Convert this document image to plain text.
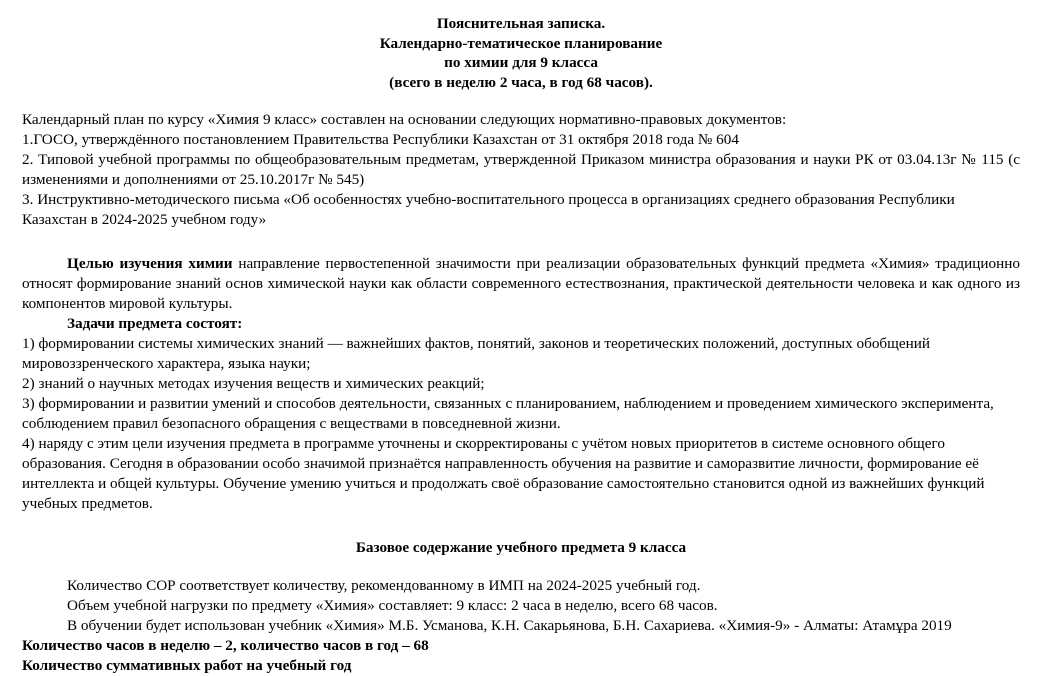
Пояснительная записка.
Календарно-тематическое планирование
по химии для 9 класса
(всего в неделю 2 часа, в год 68 часов).

Календарный план по курсу «Химия 9 класс» составлен на основании следующих нормативно-правовых документов:

1.ГОСО, утверждённого постановлением Правительства Республики Казахстан от 31 октября 2018 года № 604

2. Типовой учебной программы по общеобразовательным предметам, утвержденной Приказом министра образования и науки РК от 03.04.13г № 115 (с изменениями и дополнениями от 25.10.2017г № 545)

3. Инструктивно-методического письма «Об особенностях учебно-воспитательного процесса в организациях среднего образования Республики Казахстан в 2024-2025 учебном году»

Целью изучения химии направление первостепенной значимости при реализации образовательных функций предмета «Химия» традиционно относят формирование знаний основ химической науки как области современного естествознания, практической деятельности человека и как одного из компонентов мировой культуры.

Задачи предмета состоят:

1) формировании системы химических знаний — важнейших фактов, понятий, законов и теоретических положений, доступных обобщений мировоззренческого характера, языка науки;

2) знаний о научных методах изучения веществ и химических реакций;

3) формировании и развитии умений и способов деятельности, связанных с планированием, наблюдением и проведением химического эксперимента, соблюдением правил безопасного обращения с веществами в повседневной жизни.

4) наряду с этим цели изучения предмета в программе уточнены и скорректированы с учётом новых приоритетов в системе основного общего образования. Сегодня в образовании особо значимой признаётся направленность обучения на развитие и саморазвитие личности, формирование её интеллекта и общей культуры. Обучение умению учиться и продолжать своё образование самостоятельно становится одной из важнейших функций учебных предметов.

Базовое содержание учебного предмета 9 класса

Количество СОР соответствует количеству, рекомендованному в ИМП на 2024-2025 учебный год.

Объем учебной нагрузки по предмету «Химия» составляет: 9 класс: 2 часа в неделю, всего 68 часов.

В обучении будет использован учебник «Химия» М.Б. Усманова, К.Н. Сакарьянова, Б.Н. Сахариева. «Химия-9» - Алматы: Атамұра 2019

Количество часов в неделю – 2, количество часов в год – 68

Количество суммативных работ на учебный год
